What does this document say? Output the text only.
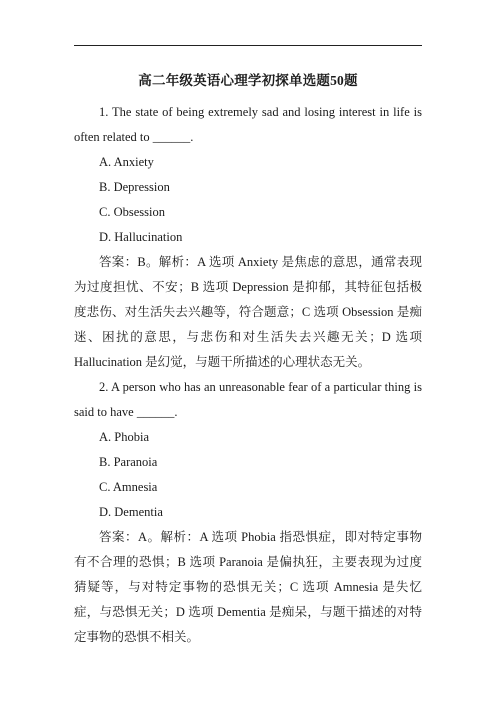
高二年级英语心理学初探单选题50题

1. The state of being extremely sad and losing interest in life is often related to ______.

A. Anxiety

B. Depression

C. Obsession

D. Hallucination

答案：B。解析：A 选项 Anxiety 是焦虑的意思，通常表现为过度担忧、不安；B 选项 Depression 是抑郁，其特征包括极度悲伤、对生活失去兴趣等，符合题意；C 选项 Obsession 是痴迷、困扰的意思，与悲伤和对生活失去兴趣无关；D 选项 Hallucination 是幻觉，与题干所描述的心理状态无关。

2. A person who has an unreasonable fear of a particular thing is said to have ______.

A. Phobia

B. Paranoia

C. Amnesia

D. Dementia

答案：A。解析：A 选项 Phobia 指恐惧症，即对特定事物有不合理的恐惧；B 选项 Paranoia 是偏执狂，主要表现为过度猜疑等，与对特定事物的恐惧无关；C 选项 Amnesia 是失忆症，与恐惧无关；D 选项 Dementia 是痴呆，与题干描述的对特定事物的恐惧不相关。
